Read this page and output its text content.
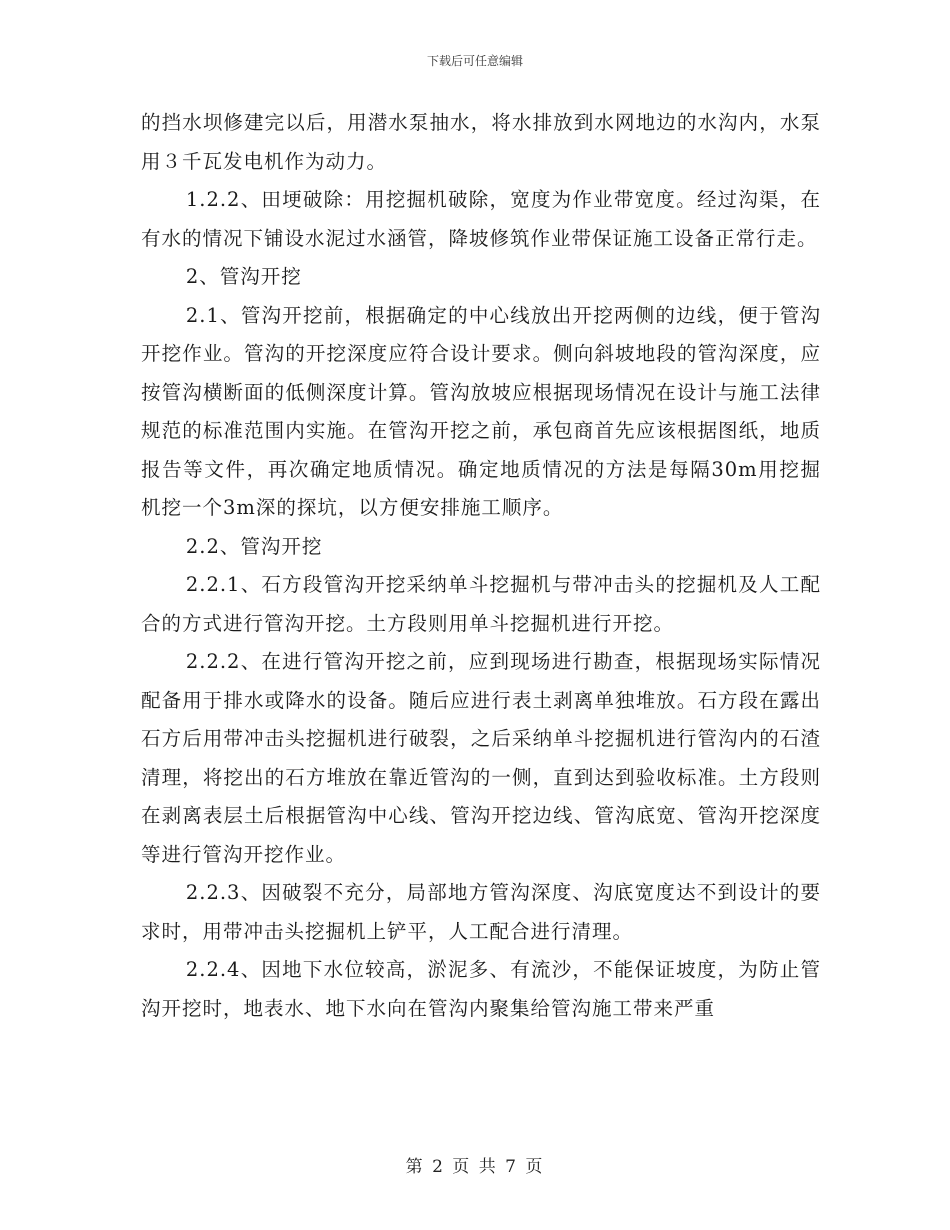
下载后可任意编辑

的挡水坝修建完以后，用潜水泵抽水，将水排放到水网地边的水沟内，水泵用３千瓦发电机作为动力。

1.2.2、田埂破除：用挖掘机破除，宽度为作业带宽度。经过沟渠，在有水的情况下铺设水泥过水涵管，降坡修筑作业带保证施工设备正常行走。

2、管沟开挖

2.1、管沟开挖前，根据确定的中心线放出开挖两侧的边线，便于管沟开挖作业。管沟的开挖深度应符合设计要求。侧向斜坡地段的管沟深度，应按管沟横断面的低侧深度计算。管沟放坡应根据现场情况在设计与施工法律规范的标准范围内实施。在管沟开挖之前，承包商首先应该根据图纸，地质报告等文件，再次确定地质情况。确定地质情况的方法是每隔30m用挖掘机挖一个3m深的探坑，以方便安排施工顺序。

2.2、管沟开挖

2.2.1、石方段管沟开挖采纳单斗挖掘机与带冲击头的挖掘机及人工配合的方式进行管沟开挖。土方段则用单斗挖掘机进行开挖。

2.2.2、在进行管沟开挖之前，应到现场进行勘查，根据现场实际情况配备用于排水或降水的设备。随后应进行表土剥离单独堆放。石方段在露出石方后用带冲击头挖掘机进行破裂，之后采纳单斗挖掘机进行管沟内的石渣清理，将挖出的石方堆放在靠近管沟的一侧，直到达到验收标准。土方段则在剥离表层土后根据管沟中心线、管沟开挖边线、管沟底宽、管沟开挖深度等进行管沟开挖作业。

2.2.3、因破裂不充分，局部地方管沟深度、沟底宽度达不到设计的要求时，用带冲击头挖掘机上铲平，人工配合进行清理。

2.2.4、因地下水位较高，淤泥多、有流沙，不能保证坡度，为防止管沟开挖时，地表水、地下水向在管沟内聚集给管沟施工带来严重

第 2 页 共 7 页
